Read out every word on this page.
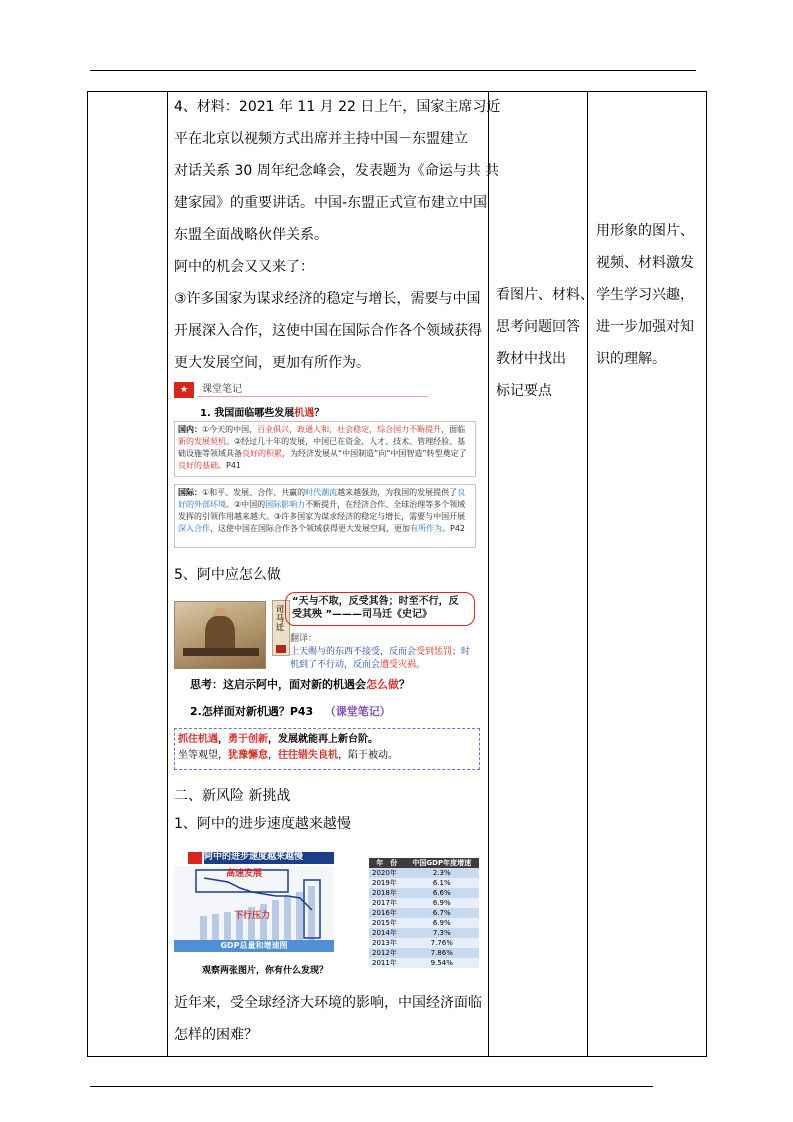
4、材料：2021 年 11 月 22 日上午，国家主席习近
平在北京以视频方式出席并主持中国－东盟建立
对话关系 30 周年纪念峰会，发表题为《命运与共 共
建家园》的重要讲话。中国-东盟正式宣布建立中国
东盟全面战略伙伴关系。
阿中的机会又又来了：
③许多国家为谋求经济的稳定与增长，需要与中国
开展深入合作，这使中国在国际合作各个领域获得
更大发展空间，更加有所作为。
★	课堂笔记
1. 我国面临哪些发展机遇？
国内：①今天的中国，百业俱兴，政通人和，社会稳定，综合国力不断提升，面临新的发展契机。②经过几十年的发展，中国已在资金、人才、技术、管理经验、基础设施等领域具备良好的积累，为经济发展从“中国制造”向“中国智造”转型奠定了良好的基础。P41
国际：①和平、发展、合作、共赢的时代潮流越来越强劲，为我国的发展提供了良好的外部环境。②中国的国际影响力不断提升，在经济合作、全球治理等多个领域发挥的引领作用越来越大。③许多国家为谋求经济的稳定与增长，需要与中国开展深入合作，这使中国在国际合作各个领域获得更大发展空间，更加有所作为。P42
5、阿中应怎么做
司马迁
“天与不取，反受其咎；时至不行，反
受其殃 ”———司马迁《史记》
翻译：
上天赐与的东西不接受，反而会受到惩罚；时
机到了不行动，反而会遭受灾祸。
思考：这启示阿中，面对新的机遇会怎么做？
2.怎样面对新机遇？P43 （课堂笔记）
抓住机遇，勇于创新，发展就能再上新台阶。
坐等观望，犹豫懈怠，往往错失良机，陷于被动。
二、新风险 新挑战
1、阿中的进步速度越来越慢
阿中的进步速度越来越慢
高速发展
下行压力
GDP总量和增速图
观察两张图片，你有什么发现？
年　份	中国GDP年度增速
2020年	2.3%
2019年	6.1%
2018年	6.6%
2017年	6.9%
2016年	6.7%
2015年	6.9%
2014年	7.3%
2013年	7.76%
2012年	7.86%
2011年	9.54%
近年来，受全球经济大环境的影响，中国经济面临
怎样的困难？
看图片、材料、
思考问题回答
教材中找出
标记要点
用形象的图片、
视频、材料激发
学生学习兴趣，
进一步加强对知
识的理解。
